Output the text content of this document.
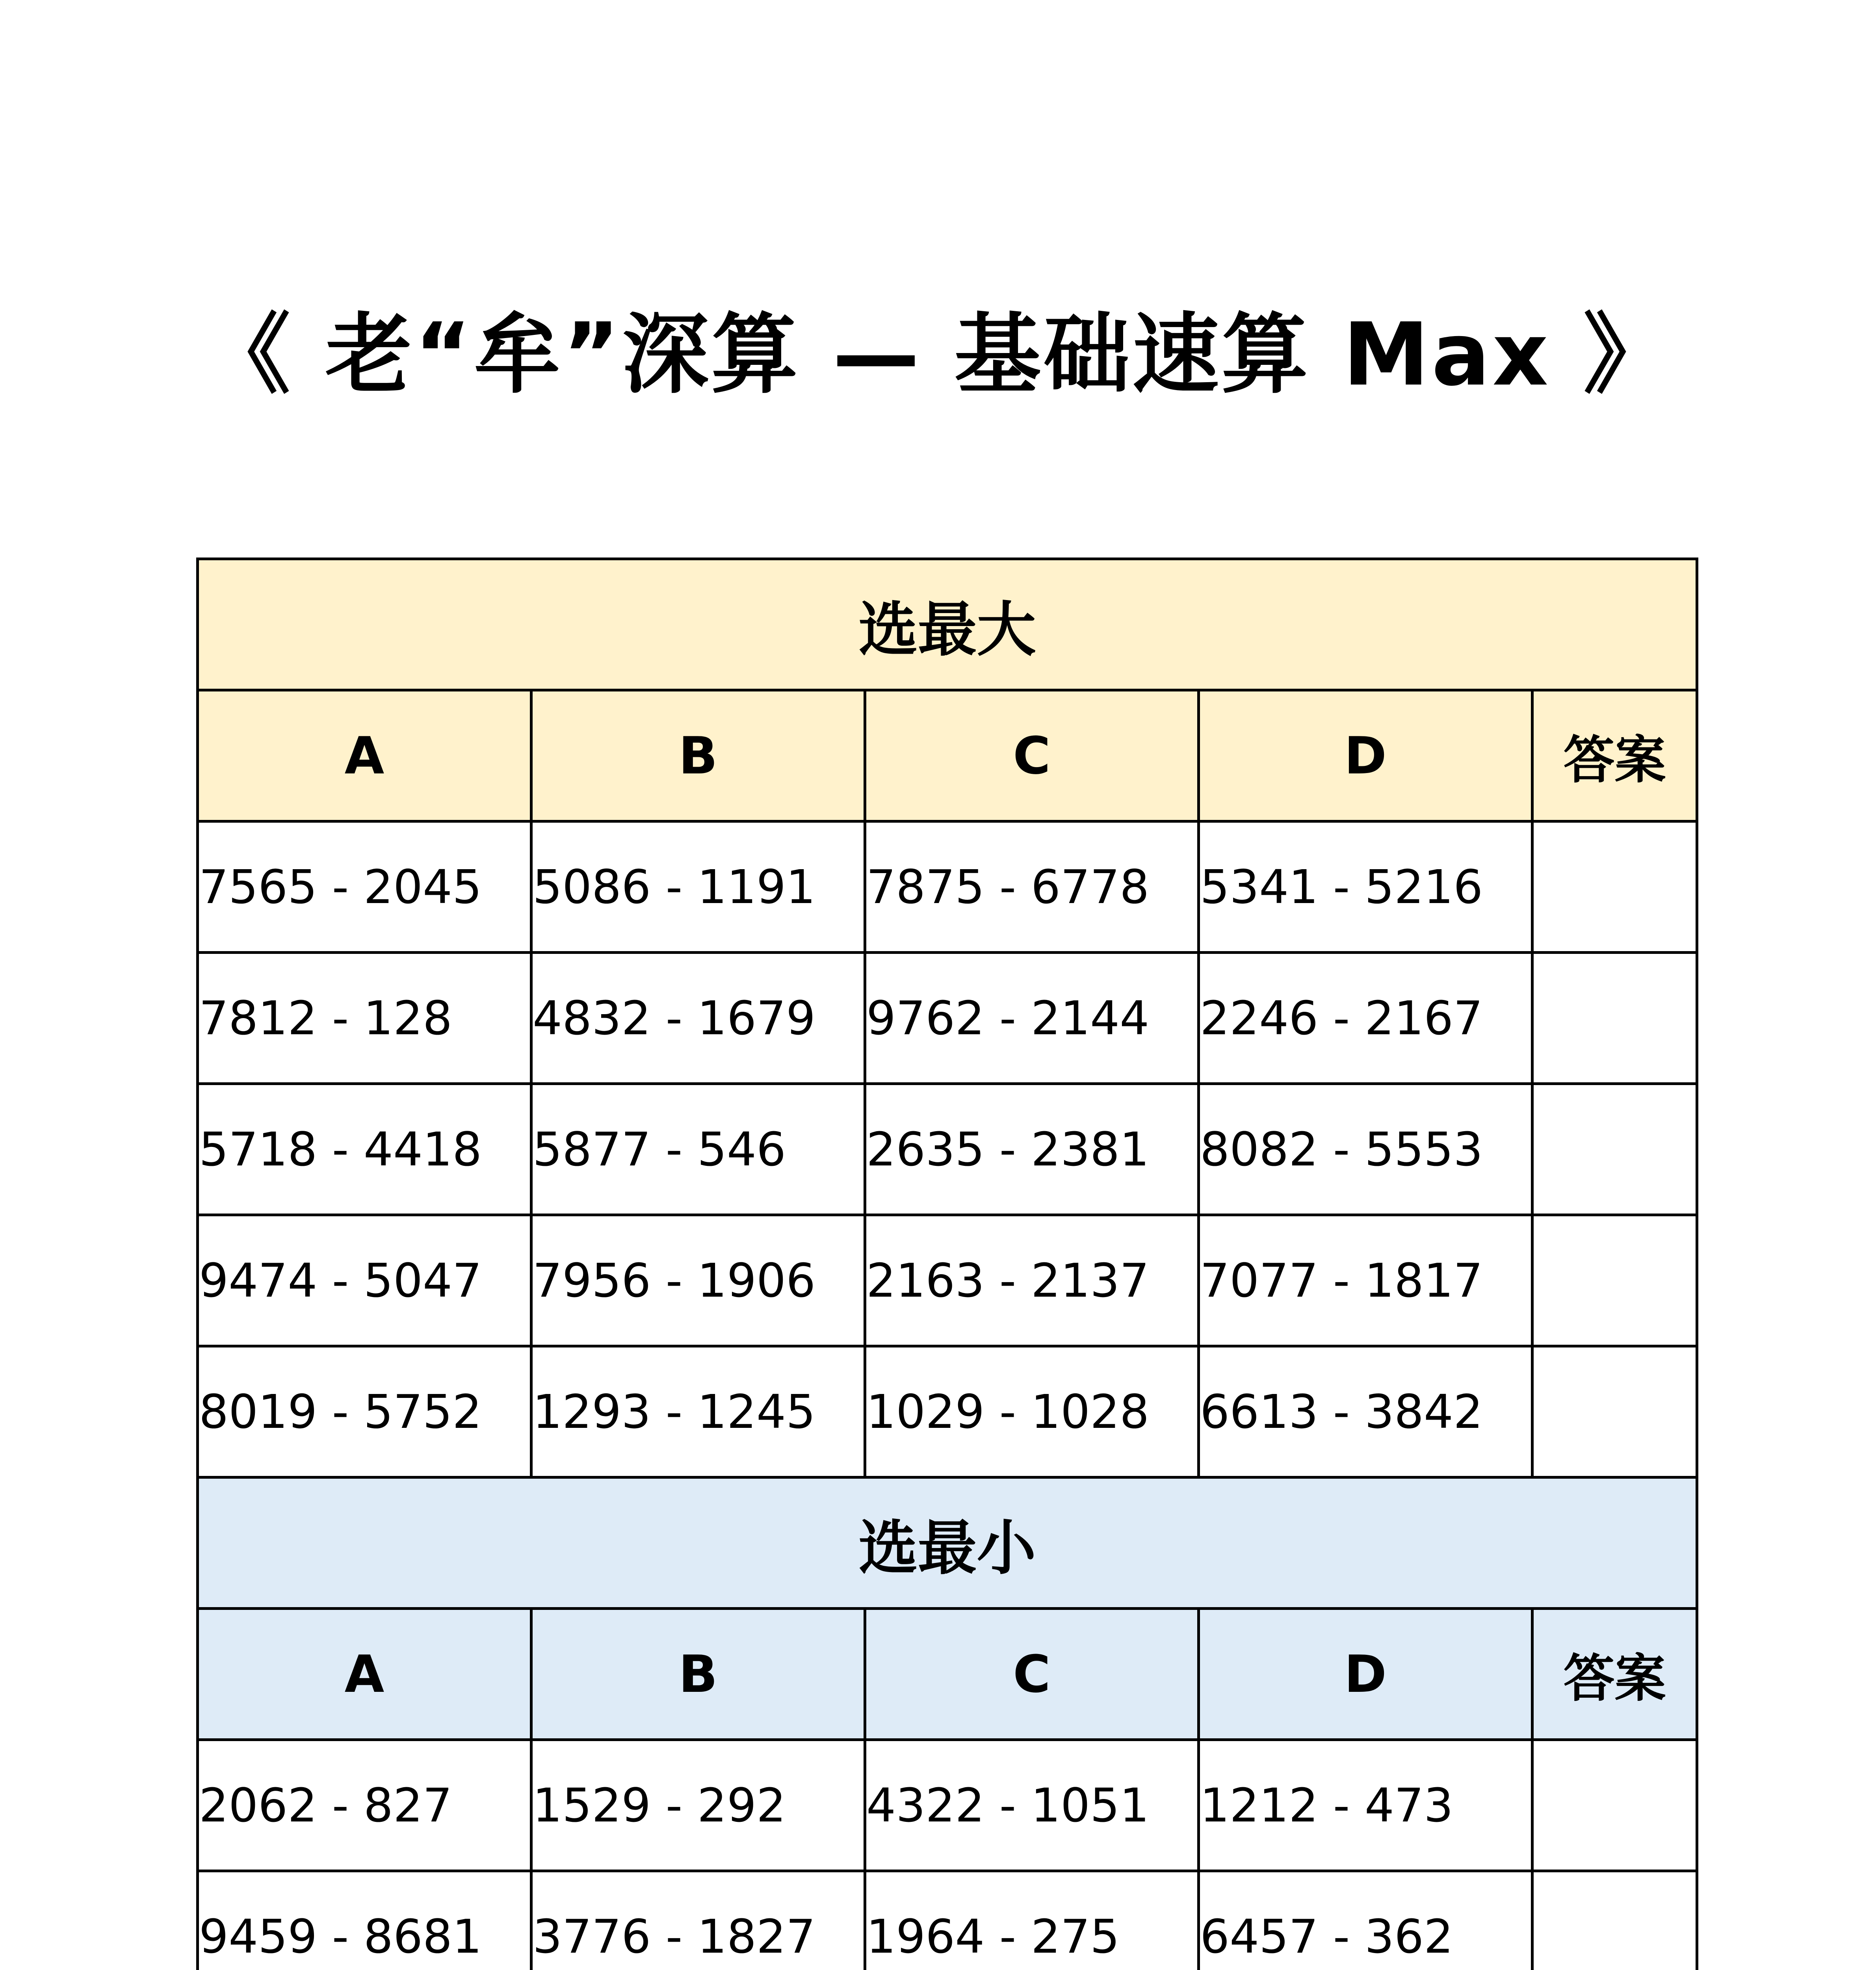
《 老“牟”深算 — 基础速算 Max 》
选最大				
A	B	C	D	答案
7565 - 2045	5086 - 1191	7875 - 6778	5341 - 5216	
7812 - 128	4832 - 1679	9762 - 2144	2246 - 2167	
5718 - 4418	5877 - 546	2635 - 2381	8082 - 5553	
9474 - 5047	7956 - 1906	2163 - 2137	7077 - 1817	
8019 - 5752	1293 - 1245	1029 - 1028	6613 - 3842	
选最小				
A	B	C	D	答案
2062 - 827	1529 - 292	4322 - 1051	1212 - 473	
9459 - 8681	3776 - 1827	1964 - 275	6457 - 362	
